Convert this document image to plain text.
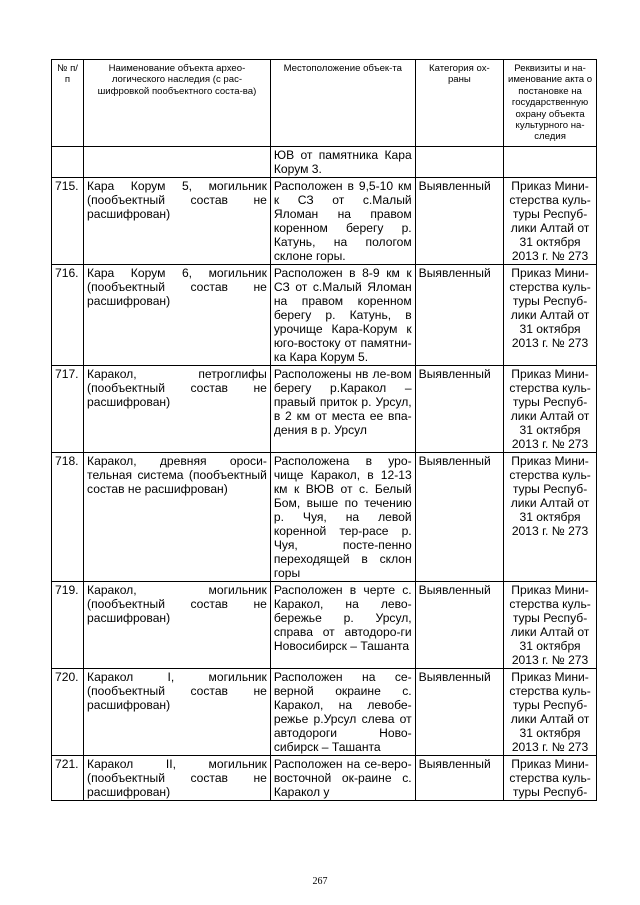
№ п/п	Наименование объекта архео-логического наследия (с рас-шифровкой пообъектного соста-ва)	Местоположение объек-та	Категория ох-раны	Реквизиты и на-именование акта о постановке на государственную охрану объекта культурного на-следия
		ЮВ от памятника Кара Корум 3.		
715.	Кара Корум 5, могильник (пообъектный состав не расшифрован)	Расположен в 9,5-10 км к СЗ от с.Малый Яломан на правом коренном берегу р. Катунь, на пологом склоне горы.	Выявленный	Приказ Мини-стерства куль-туры Респуб-лики Алтай от 31 октября 2013 г. № 273
716.	Кара Корум 6, могильник (пообъектный состав не расшифрован)	Расположен в 8-9 км к СЗ от с.Малый Яломан на правом коренном берегу р. Катунь, в урочище Кара-Корум к юго-востоку от памятни-ка Кара Корум 5.	Выявленный	Приказ Мини-стерства куль-туры Респуб-лики Алтай от 31 октября 2013 г. № 273
717.	Каракол, петроглифы (пообъектный состав не расшифрован)	Расположены нв ле-вом берегу р.Каракол – правый приток р. Урсул, в 2 км от места ее впа-дения в р. Урсул	Выявленный	Приказ Мини-стерства куль-туры Респуб-лики Алтай от 31 октября 2013 г. № 273
718.	Каракол, древняя ороси-тельная система (пообъектный состав не расшифрован)	Расположена в уро-чище Каракол, в 12-13 км к ВЮВ от с. Белый Бом, выше по течению р. Чуя, на левой коренной тер-расе р. Чуя, посте-пенно переходящей в склон горы	Выявленный	Приказ Мини-стерства куль-туры Респуб-лики Алтай от 31 октября 2013 г. № 273
719.	Каракол, могильник (пообъектный состав не расшифрован)	Расположен в черте с. Каракол, на лево-бережье р. Урсул, справа от автодоро-ги Новосибирск – Ташанта	Выявленный	Приказ Мини-стерства куль-туры Респуб-лики Алтай от 31 октября 2013 г. № 273
720.	Каракол I, могильник (пообъектный состав не расшифрован)	Расположен на се-верной окраине с. Каракол, на левобе-режье р.Урсул слева от автодороги Ново-сибирск – Ташанта	Выявленный	Приказ Мини-стерства куль-туры Респуб-лики Алтай от 31 октября 2013 г. № 273
721.	Каракол II, могильник (пообъектный состав не расшифрован)	Расположен на се-веро-восточной ок-раине с. Каракол у	Выявленный	Приказ Мини-стерства куль-туры Респуб-
267
